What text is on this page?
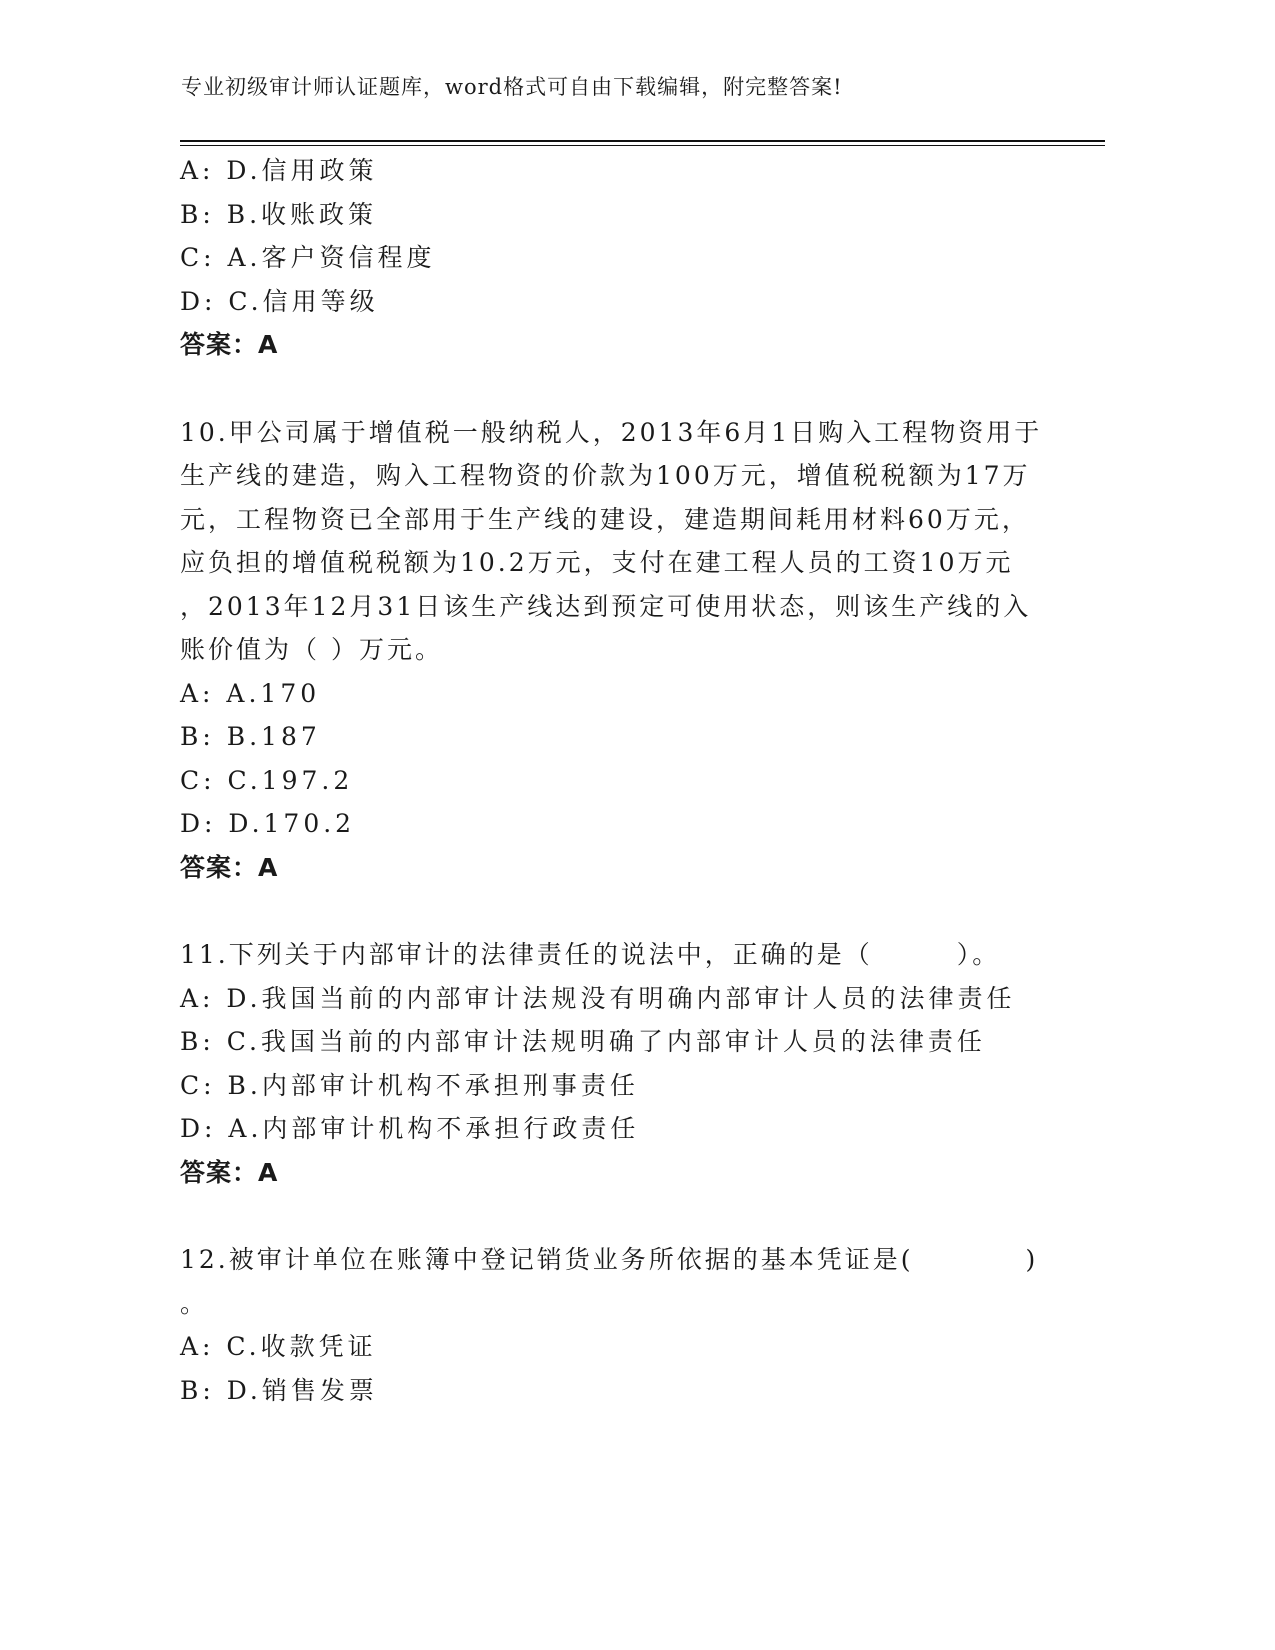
专业初级审计师认证题库，word格式可自由下载编辑，附完整答案!
A: D.信用政策
B: B.收账政策
C: A.客户资信程度
D: C.信用等级
答案：A
10.甲公司属于增值税一般纳税人，2013年6月1日购入工程物资用于
生产线的建造，购入工程物资的价款为100万元，增值税税额为17万
元，工程物资已全部用于生产线的建设，建造期间耗用材料60万元，
应负担的增值税税额为10.2万元，支付在建工程人员的工资10万元
，2013年12月31日该生产线达到预定可使用状态，则该生产线的入
账价值为（ ）万元。
A: A.170
B: B.187
C: C.197.2
D: D.170.2
答案：A
11.下列关于内部审计的法律责任的说法中，正确的是（　　　）。
A: D.我国当前的内部审计法规没有明确内部审计人员的法律责任
B: C.我国当前的内部审计法规明确了内部审计人员的法律责任
C: B.内部审计机构不承担刑事责任
D: A.内部审计机构不承担行政责任
答案：A
12.被审计单位在账簿中登记销货业务所依据的基本凭证是(　　　　)
。
A: C.收款凭证
B: D.销售发票
